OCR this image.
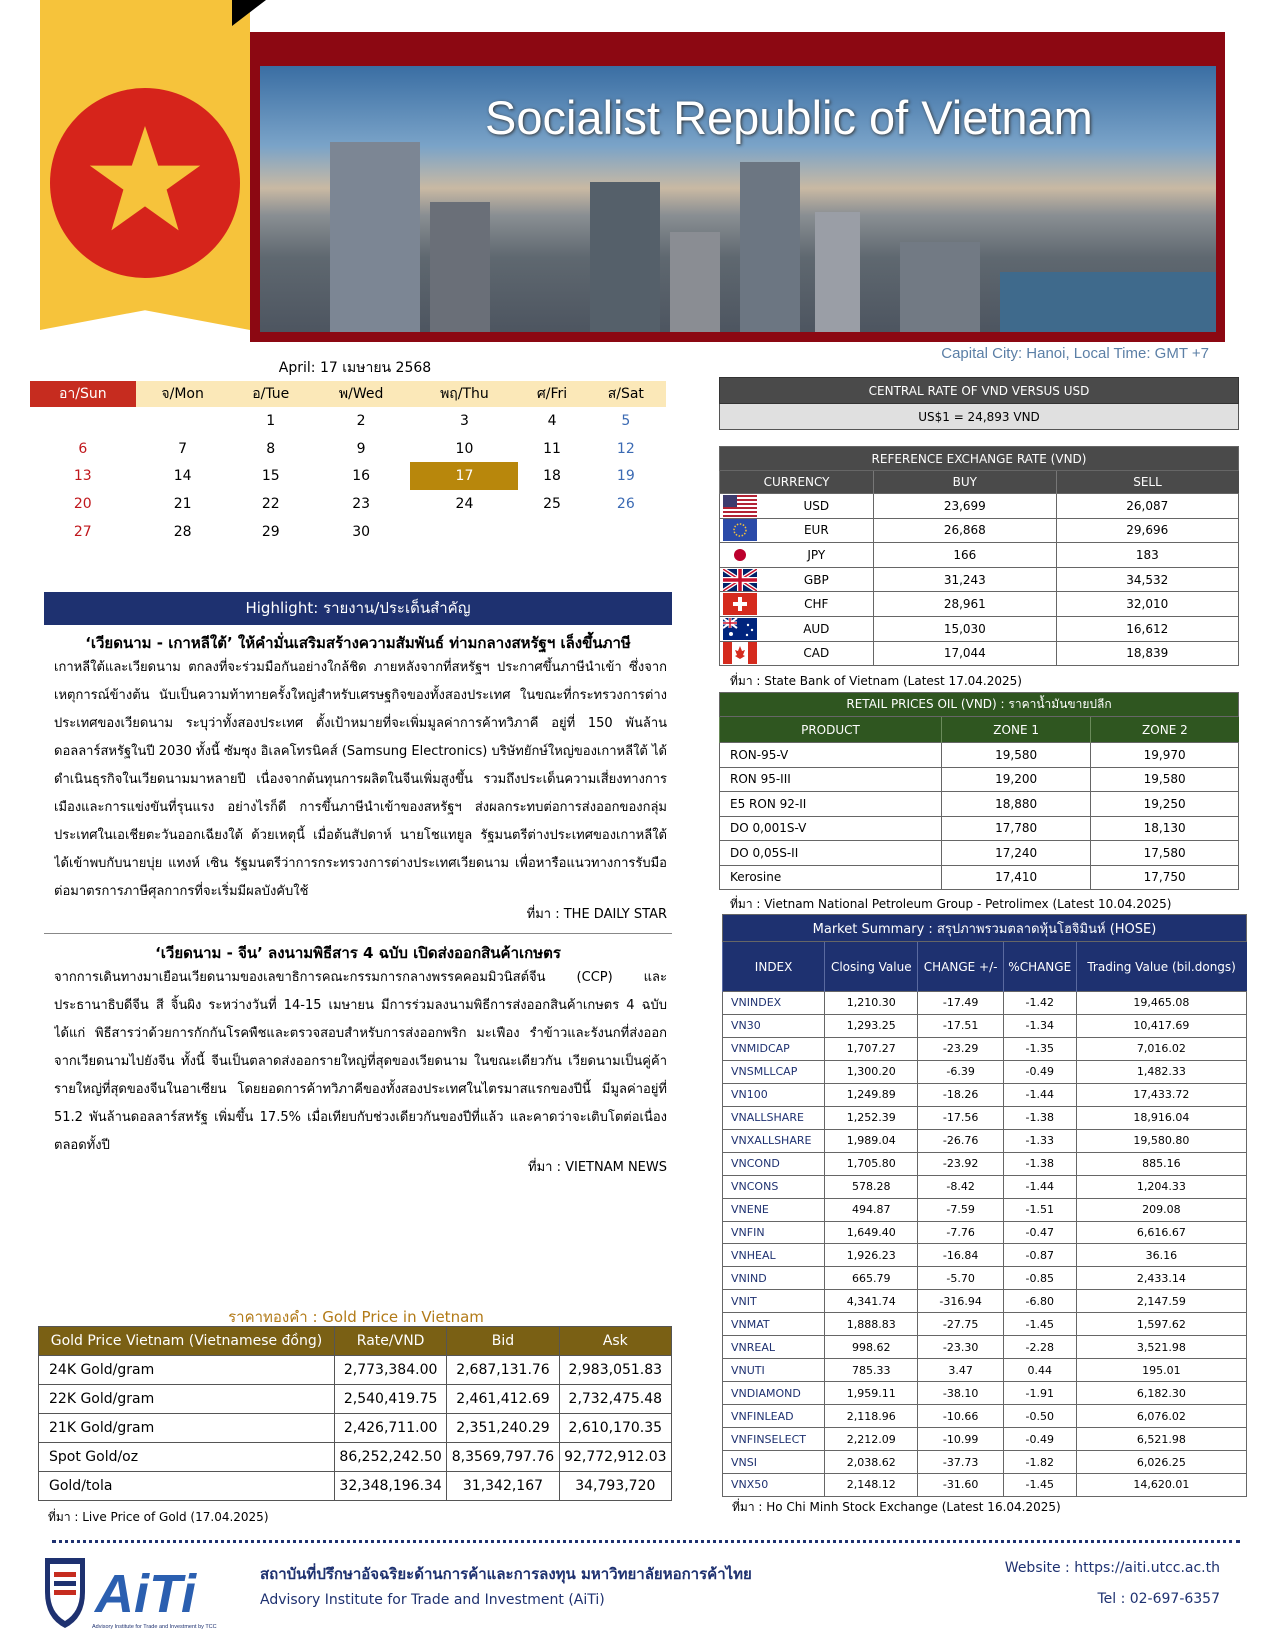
Socialist Republic of Vietnam
Capital City: Hanoi, Local Time: GMT +7
April: 17 เมษายน 2568
อา/Sun	จ/Mon	อ/Tue	พ/Wed	พฤ/Thu	ศ/Fri	ส/Sat
		1	2	3	4	5
6	7	8	9	10	11	12
13	14	15	16	17	18	19
20	21	22	23	24	25	26
27	28	29	30			
Highlight: รายงาน/ประเด็นสำคัญ
‘เวียดนาม - เกาหลีใต้’ ให้คำมั่นเสริมสร้างความสัมพันธ์ ท่ามกลางสหรัฐฯ เล็งขึ้นภาษี
เกาหลีใต้และเวียดนาม ตกลงที่จะร่วมมือกันอย่างใกล้ชิด ภายหลังจากที่สหรัฐฯ ประกาศขึ้นภาษีนำเข้า ซึ่งจากเหตุการณ์ข้างต้น นับเป็นความท้าทายครั้งใหญ่สำหรับเศรษฐกิจของทั้งสองประเทศ ในขณะที่กระทรวงการต่างประเทศของเวียดนาม ระบุว่าทั้งสองประเทศ ตั้งเป้าหมายที่จะเพิ่มมูลค่าการค้าทวิภาคี อยู่ที่ 150 พันล้านดอลลาร์สหรัฐในปี 2030 ทั้งนี้ ซัมซุง อิเลคโทรนิคส์ (Samsung Electronics) บริษัทยักษ์ใหญ่ของเกาหลีใต้ ได้ดำเนินธุรกิจในเวียดนามมาหลายปี เนื่องจากต้นทุนการผลิตในจีนเพิ่มสูงขึ้น รวมถึงประเด็นความเสี่ยงทางการเมืองและการแข่งขันที่รุนแรง อย่างไรก็ดี การขึ้นภาษีนำเข้าของสหรัฐฯ ส่งผลกระทบต่อการส่งออกของกลุ่มประเทศในเอเชียตะวันออกเฉียงใต้ ด้วยเหตุนี้ เมื่อต้นสัปดาห์ นายโชแทยูล รัฐมนตรีต่างประเทศของเกาหลีใต้ ได้เข้าพบกับนายบุ่ย แทงห์ เซิน รัฐมนตรีว่าการกระทรวงการต่างประเทศเวียดนาม เพื่อหารือแนวทางการรับมือต่อมาตรการภาษีศุลกากรที่จะเริ่มมีผลบังคับใช้
ที่มา : THE DAILY STAR
‘เวียดนาม - จีน’ ลงนามพิธีสาร 4 ฉบับ เปิดส่งออกสินค้าเกษตร
จากการเดินทางมาเยือนเวียดนามของเลขาธิการคณะกรรมการกลางพรรคคอมมิวนิสต์จีน (CCP) และประธานาธิบดีจีน สี จิ้นผิง ระหว่างวันที่ 14-15 เมษายน มีการร่วมลงนามพิธีการส่งออกสินค้าเกษตร 4 ฉบับ ได้แก่ พิธีสารว่าด้วยการกักกันโรคพืชและตรวจสอบสำหรับการส่งออกพริก มะเฟือง รำข้าวและรังนกที่ส่งออกจากเวียดนามไปยังจีน ทั้งนี้ จีนเป็นตลาดส่งออกรายใหญ่ที่สุดของเวียดนาม ในขณะเดียวกัน เวียดนามเป็นคู่ค้ารายใหญ่ที่สุดของจีนในอาเซียน โดยยอดการค้าทวิภาคีของทั้งสองประเทศในไตรมาสแรกของปีนี้ มีมูลค่าอยู่ที่ 51.2 พันล้านดอลลาร์สหรัฐ เพิ่มขึ้น 17.5% เมื่อเทียบกับช่วงเดียวกันของปีที่แล้ว และคาดว่าจะเติบโตต่อเนื่องตลอดทั้งปี
ที่มา : VIETNAM NEWS
ราคาทองคำ : Gold Price in Vietnam
Gold Price Vietnam (Vietnamese đồng)	Rate/VND	Bid	Ask
24K Gold/gram	2,773,384.00	2,687,131.76	2,983,051.83
22K Gold/gram	2,540,419.75	2,461,412.69	2,732,475.48
21K Gold/gram	2,426,711.00	2,351,240.29	2,610,170.35
Spot Gold/oz	86,252,242.50	8,3569,797.76	92,772,912.03
Gold/tola	32,348,196.34	31,342,167	34,793,720
ที่มา : Live Price of Gold (17.04.2025)
CENTRAL RATE OF VND VERSUS USD
US$1 = 24,893 VND
REFERENCE EXCHANGE RATE (VND)			
CURRENCY		BUY	SELL

	USD	23,699	26,087

	EUR	26,868	29,696

	JPY	166	183

	GBP	31,243	34,532

	CHF	28,961	32,010

	AUD	15,030	16,612

	CAD	17,044	18,839
ที่มา : State Bank of Vietnam (Latest 17.04.2025)
RETAIL PRICES OIL (VND) : ราคาน้ำมันขายปลีก		
PRODUCT	ZONE 1	ZONE 2
RON-95-V	19,580	19,970
RON 95-III	19,200	19,580
E5 RON 92-II	18,880	19,250
DO 0,001S-V	17,780	18,130
DO 0,05S-II	17,240	17,580
Kerosine	17,410	17,750
ที่มา : Vietnam National Petroleum Group - Petrolimex (Latest 10.04.2025)
Market Summary : สรุปภาพรวมตลาดหุ้นโฮจิมินห์ (HOSE)				
INDEX	Closing Value	CHANGE +/-	%CHANGE	Trading Value (bil.dongs)
VNINDEX	1,210.30	-17.49	-1.42	19,465.08
VN30	1,293.25	-17.51	-1.34	10,417.69
VNMIDCAP	1,707.27	-23.29	-1.35	7,016.02
VNSMLLCAP	1,300.20	-6.39	-0.49	1,482.33
VN100	1,249.89	-18.26	-1.44	17,433.72
VNALLSHARE	1,252.39	-17.56	-1.38	18,916.04
VNXALLSHARE	1,989.04	-26.76	-1.33	19,580.80
VNCOND	1,705.80	-23.92	-1.38	885.16
VNCONS	578.28	-8.42	-1.44	1,204.33
VNENE	494.87	-7.59	-1.51	209.08
VNFIN	1,649.40	-7.76	-0.47	6,616.67
VNHEAL	1,926.23	-16.84	-0.87	36.16
VNIND	665.79	-5.70	-0.85	2,433.14
VNIT	4,341.74	-316.94	-6.80	2,147.59
VNMAT	1,888.83	-27.75	-1.45	1,597.62
VNREAL	998.62	-23.30	-2.28	3,521.98
VNUTI	785.33	3.47	0.44	195.01
VNDIAMOND	1,959.11	-38.10	-1.91	6,182.30
VNFINLEAD	2,118.96	-10.66	-0.50	6,076.02
VNFINSELECT	2,212.09	-10.99	-0.49	6,521.98
VNSI	2,038.62	-37.73	-1.82	6,026.25
VNX50	2,148.12	-31.60	-1.45	14,620.01
ที่มา : Ho Chi Minh Stock Exchange (Latest 16.04.2025)
AiTi
Advisory Institute for Trade and Investment by TCC
สถาบันที่ปรึกษาอัจฉริยะด้านการค้าและการลงทุน มหาวิทยาลัยหอการค้าไทย
Advisory Institute for Trade and Investment (AiTi)
Website : https://aiti.utcc.ac.th
Tel : 02-697-6357
